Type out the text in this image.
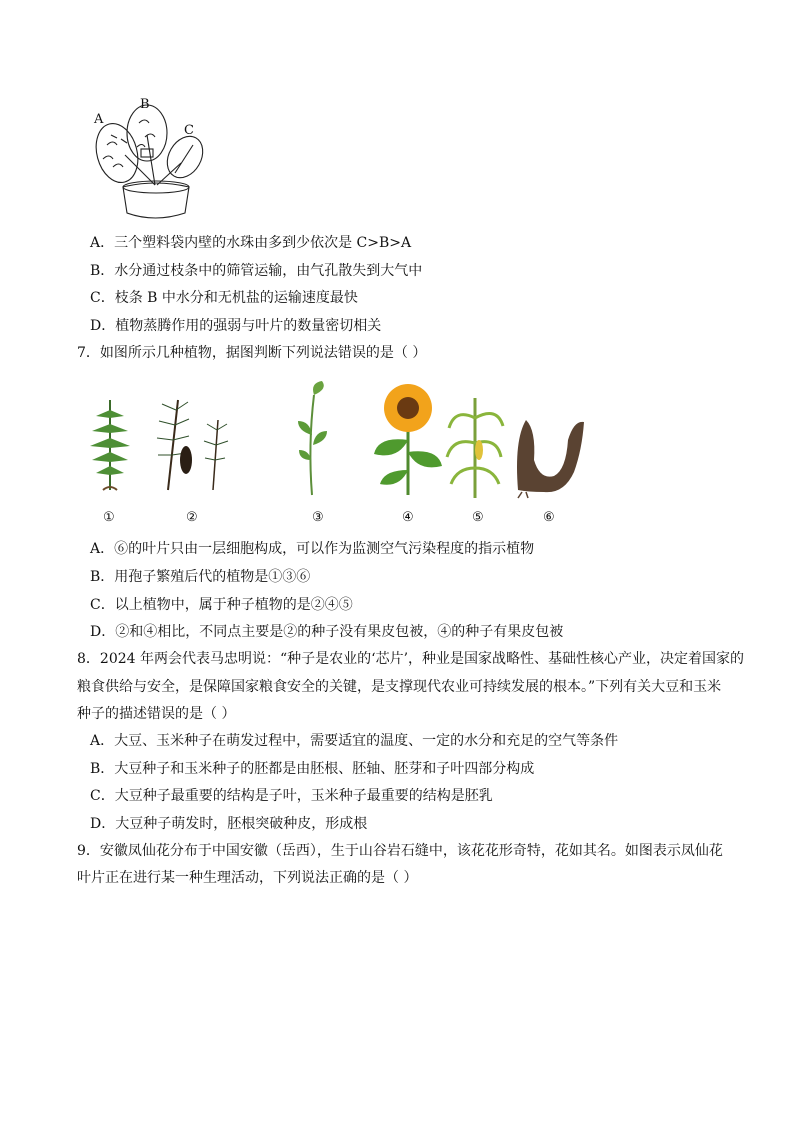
A
B
C
A．三个塑料袋内壁的水珠由多到少依次是 C>B>A
B．水分通过枝条中的筛管运输，由气孔散失到大气中
C．枝条 B 中水分和无机盐的运输速度最快
D．植物蒸腾作用的强弱与叶片的数量密切相关
7．如图所示几种植物，据图判断下列说法错误的是（ ）
①	②	③	④	⑤	⑥
A．⑥的叶片只由一层细胞构成，可以作为监测空气污染程度的指示植物
B．用孢子繁殖后代的植物是①③⑥
C．以上植物中，属于种子植物的是②④⑤
D．②和④相比，不同点主要是②的种子没有果皮包被，④的种子有果皮包被
8．2024 年两会代表马忠明说：“种子是农业的‘芯片’，种业是国家战略性、基础性核心产业，决定着国家的
粮食供给与安全，是保障国家粮食安全的关键，是支撑现代农业可持续发展的根本。”下列有关大豆和玉米
种子的描述错误的是（ ）
A．大豆、玉米种子在萌发过程中，需要适宜的温度、一定的水分和充足的空气等条件
B．大豆种子和玉米种子的胚都是由胚根、胚轴、胚芽和子叶四部分构成
C．大豆种子最重要的结构是子叶，玉米种子最重要的结构是胚乳
D．大豆种子萌发时，胚根突破种皮，形成根
9．安徽凤仙花分布于中国安徽（岳西），生于山谷岩石缝中，该花花形奇特，花如其名。如图表示凤仙花
叶片正在进行某一种生理活动，下列说法正确的是（ ）
